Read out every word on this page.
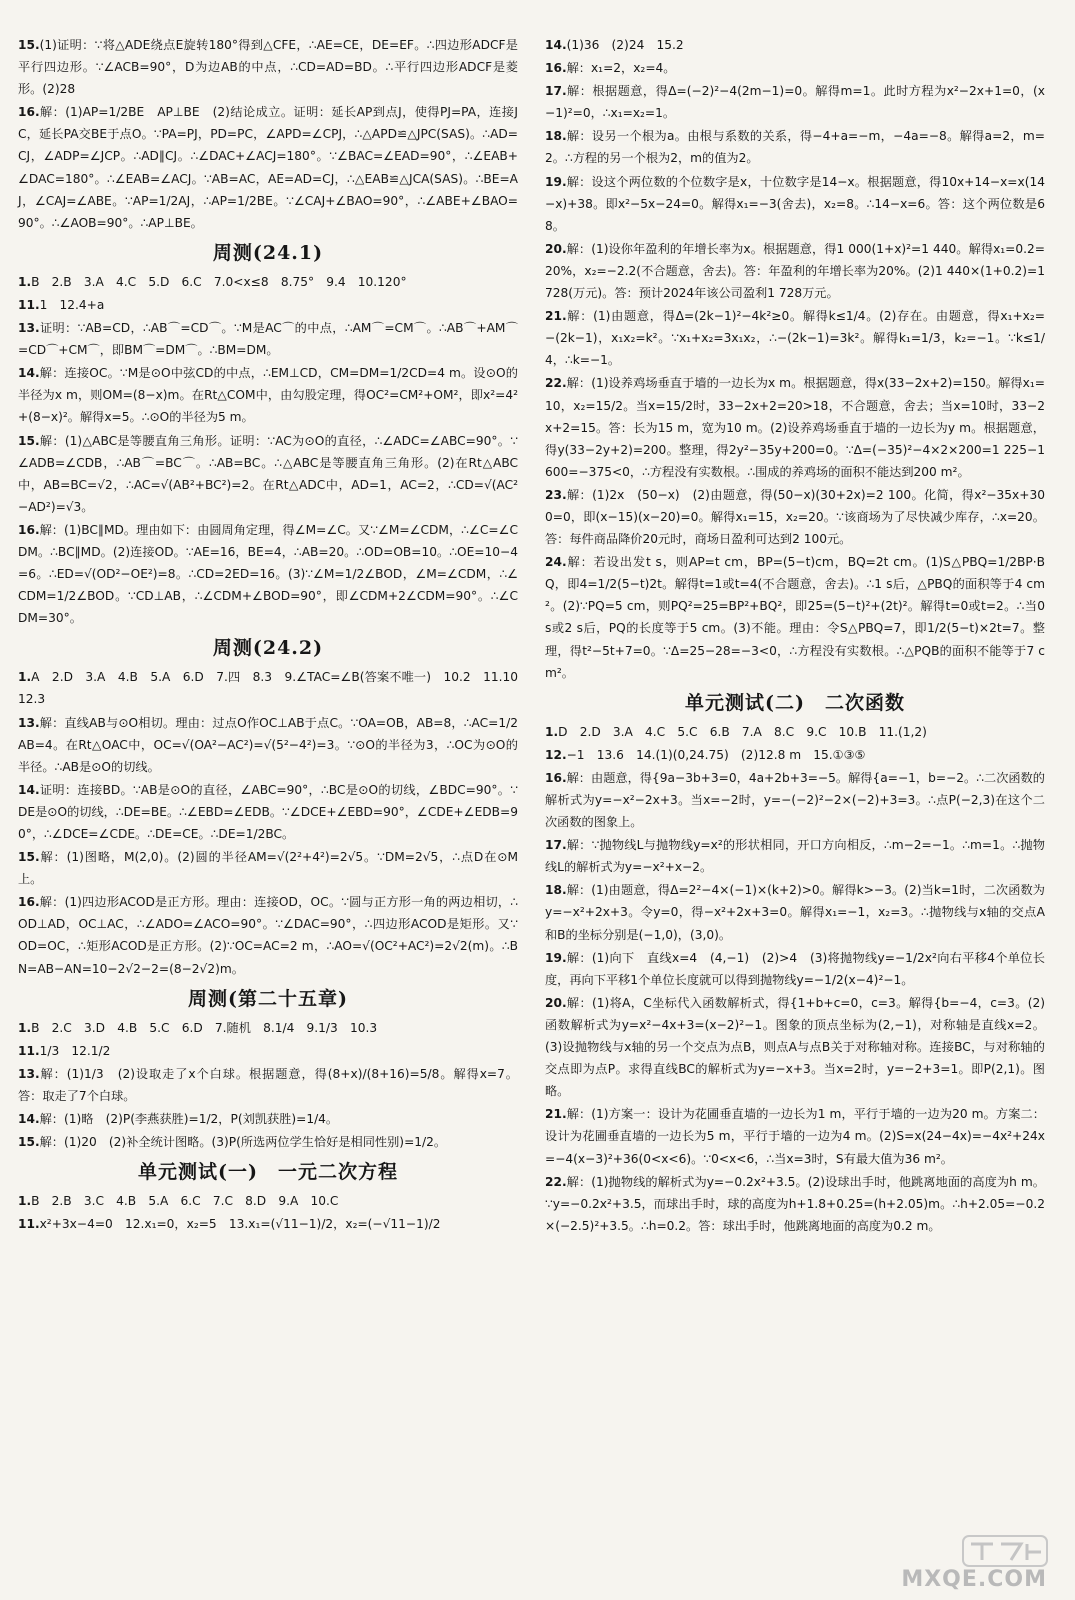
15.(1)证明：∵将△ADE绕点E旋转180°得到△CFE，∴AE=CE，DE=EF。∴四边形ADCF是平行四边形。∵∠ACB=90°，D为边AB的中点，∴CD=AD=BD。∴平行四边形ADCF是菱形。(2)28
16.解：(1)AP=1/2BE　AP⊥BE　(2)结论成立。证明：延长AP到点J，使得PJ=PA，连接JC，延长PA交BE于点O。∵PA=PJ，PD=PC，∠APD=∠CPJ，∴△APD≌△JPC(SAS)。∴AD=CJ，∠ADP=∠JCP。∴AD∥CJ。∴∠DAC+∠ACJ=180°。∵∠BAC=∠EAD=90°，∴∠EAB+∠DAC=180°。∴∠EAB=∠ACJ。∵AB=AC，AE=AD=CJ，∴△EAB≌△JCA(SAS)。∴BE=AJ，∠CAJ=∠ABE。∵AP=1/2AJ，∴AP=1/2BE。∵∠CAJ+∠BAO=90°，∴∠ABE+∠BAO=90°。∴∠AOB=90°。∴AP⊥BE。
周测(24.1)
1.B　2.B　3.A　4.C　5.D　6.C　7.0<x≤8　8.75°　9.4　10.120°
11.1　12.4+a
13.证明：∵AB=CD，∴AB⌒=CD⌒。∵M是AC⌒的中点，∴AM⌒=CM⌒。∴AB⌒+AM⌒=CD⌒+CM⌒，即BM⌒=DM⌒。∴BM=DM。
14.解：连接OC。∵M是⊙O中弦CD的中点，∴EM⊥CD，CM=DM=1/2CD=4 m。设⊙O的半径为x m，则OM=(8−x)m。在Rt△COM中，由勾股定理，得OC²=CM²+OM²，即x²=4²+(8−x)²。解得x=5。∴⊙O的半径为5 m。
15.解：(1)△ABC是等腰直角三角形。证明：∵AC为⊙O的直径，∴∠ADC=∠ABC=90°。∵∠ADB=∠CDB，∴AB⌒=BC⌒。∴AB=BC。∴△ABC是等腰直角三角形。(2)在Rt△ABC中，AB=BC=√2，∴AC=√(AB²+BC²)=2。在Rt△ADC中，AD=1，AC=2，∴CD=√(AC²−AD²)=√3。
16.解：(1)BC∥MD。理由如下：由圆周角定理，得∠M=∠C。又∵∠M=∠CDM，∴∠C=∠CDM。∴BC∥MD。(2)连接OD。∵AE=16，BE=4，∴AB=20。∴OD=OB=10。∴OE=10−4=6。∴ED=√(OD²−OE²)=8。∴CD=2ED=16。(3)∵∠M=1/2∠BOD，∠M=∠CDM，∴∠CDM=1/2∠BOD。∵CD⊥AB，∴∠CDM+∠BOD=90°，即∠CDM+2∠CDM=90°。∴∠CDM=30°。
周测(24.2)
1.A　2.D　3.A　4.B　5.A　6.D　7.四　8.3　9.∠TAC=∠B(答案不唯一)　10.2　11.10　12.3
13.解：直线AB与⊙O相切。理由：过点O作OC⊥AB于点C。∵OA=OB，AB=8，∴AC=1/2AB=4。在Rt△OAC中，OC=√(OA²−AC²)=√(5²−4²)=3。∵⊙O的半径为3，∴OC为⊙O的半径。∴AB是⊙O的切线。
14.证明：连接BD。∵AB是⊙O的直径，∠ABC=90°，∴BC是⊙O的切线，∠BDC=90°。∵DE是⊙O的切线，∴DE=BE。∴∠EBD=∠EDB。∵∠DCE+∠EBD=90°，∠CDE+∠EDB=90°，∴∠DCE=∠CDE。∴DE=CE。∴DE=1/2BC。
15.解：(1)图略，M(2,0)。(2)圆的半径AM=√(2²+4²)=2√5。∵DM=2√5，∴点D在⊙M上。
16.解：(1)四边形ACOD是正方形。理由：连接OD，OC。∵圆与正方形一角的两边相切，∴OD⊥AD，OC⊥AC，∴∠ADO=∠ACO=90°。∵∠DAC=90°，∴四边形ACOD是矩形。又∵OD=OC，∴矩形ACOD是正方形。(2)∵OC=AC=2 m，∴AO=√(OC²+AC²)=2√2(m)。∴BN=AB−AN=10−2√2−2=(8−2√2)m。
周测(第二十五章)
1.B　2.C　3.D　4.B　5.C　6.D　7.随机　8.1/4　9.1/3　10.3
11.1/3　12.1/2
13.解：(1)1/3　(2)设取走了x个白球。根据题意，得(8+x)/(8+16)=5/8。解得x=7。答：取走了7个白球。
14.解：(1)略　(2)P(李燕获胜)=1/2，P(刘凯获胜)=1/4。
15.解：(1)20　(2)补全统计图略。(3)P(所选两位学生恰好是相同性别)=1/2。
单元测试(一)　一元二次方程
1.B　2.B　3.C　4.B　5.A　6.C　7.C　8.D　9.A　10.C
11.x²+3x−4=0　12.x₁=0，x₂=5　13.x₁=(√11−1)/2，x₂=(−√11−1)/2
14.(1)36　(2)24　15.2
16.解：x₁=2，x₂=4。
17.解：根据题意，得Δ=(−2)²−4(2m−1)=0。解得m=1。此时方程为x²−2x+1=0，(x−1)²=0，∴x₁=x₂=1。
18.解：设另一个根为a。由根与系数的关系，得−4+a=−m，−4a=−8。解得a=2，m=2。∴方程的另一个根为2，m的值为2。
19.解：设这个两位数的个位数字是x，十位数字是14−x。根据题意，得10x+14−x=x(14−x)+38。即x²−5x−24=0。解得x₁=−3(舍去)，x₂=8。∴14−x=6。答：这个两位数是68。
20.解：(1)设你年盈利的年增长率为x。根据题意，得1 000(1+x)²=1 440。解得x₁=0.2=20%，x₂=−2.2(不合题意，舍去)。答：年盈利的年增长率为20%。(2)1 440×(1+0.2)=1 728(万元)。答：预计2024年该公司盈利1 728万元。
21.解：(1)由题意，得Δ=(2k−1)²−4k²≥0。解得k≤1/4。(2)存在。由题意，得x₁+x₂=−(2k−1)，x₁x₂=k²。∵x₁+x₂=3x₁x₂，∴−(2k−1)=3k²。解得k₁=1/3，k₂=−1。∵k≤1/4，∴k=−1。
22.解：(1)设养鸡场垂直于墙的一边长为x m。根据题意，得x(33−2x+2)=150。解得x₁=10，x₂=15/2。当x=15/2时，33−2x+2=20>18，不合题意，舍去；当x=10时，33−2x+2=15。答：长为15 m，宽为10 m。(2)设养鸡场垂直于墙的一边长为y m。根据题意，得y(33−2y+2)=200。整理，得2y²−35y+200=0。∵Δ=(−35)²−4×2×200=1 225−1 600=−375<0，∴方程没有实数根。∴围成的养鸡场的面积不能达到200 m²。
23.解：(1)2x　(50−x)　(2)由题意，得(50−x)(30+2x)=2 100。化简，得x²−35x+300=0，即(x−15)(x−20)=0。解得x₁=15，x₂=20。∵该商场为了尽快减少库存，∴x=20。答：每件商品降价20元时，商场日盈利可达到2 100元。
24.解：若设出发t s，则AP=t cm，BP=(5−t)cm，BQ=2t cm。(1)S△PBQ=1/2BP·BQ，即4=1/2(5−t)2t。解得t=1或t=4(不合题意，舍去)。∴1 s后，△PBQ的面积等于4 cm²。(2)∵PQ=5 cm，则PQ²=25=BP²+BQ²，即25=(5−t)²+(2t)²。解得t=0或t=2。∴当0 s或2 s后，PQ的长度等于5 cm。(3)不能。理由：令S△PBQ=7，即1/2(5−t)×2t=7。整理，得t²−5t+7=0。∵Δ=25−28=−3<0，∴方程没有实数根。∴△PQB的面积不能等于7 cm²。
单元测试(二)　二次函数
1.D　2.D　3.A　4.C　5.C　6.B　7.A　8.C　9.C　10.B　11.(1,2)
12.−1　13.6　14.(1)(0,24.75)　(2)12.8 m　15.①③⑤
16.解：由题意，得{9a−3b+3=0，4a+2b+3=−5。解得{a=−1，b=−2。∴二次函数的解析式为y=−x²−2x+3。当x=−2时，y=−(−2)²−2×(−2)+3=3。∴点P(−2,3)在这个二次函数的图象上。
17.解：∵抛物线L与抛物线y=x²的形状相同，开口方向相反，∴m−2=−1。∴m=1。∴抛物线L的解析式为y=−x²+x−2。
18.解：(1)由题意，得Δ=2²−4×(−1)×(k+2)>0。解得k>−3。(2)当k=1时，二次函数为y=−x²+2x+3。令y=0，得−x²+2x+3=0。解得x₁=−1，x₂=3。∴抛物线与x轴的交点A和B的坐标分别是(−1,0)，(3,0)。
19.解：(1)向下　直线x=4　(4,−1)　(2)>4　(3)将抛物线y=−1/2x²向右平移4个单位长度，再向下平移1个单位长度就可以得到抛物线y=−1/2(x−4)²−1。
20.解：(1)将A，C坐标代入函数解析式，得{1+b+c=0，c=3。解得{b=−4，c=3。(2)函数解析式为y=x²−4x+3=(x−2)²−1。图象的顶点坐标为(2,−1)，对称轴是直线x=2。(3)设抛物线与x轴的另一个交点为点B，则点A与点B关于对称轴对称。连接BC，与对称轴的交点即为点P。求得直线BC的解析式为y=−x+3。当x=2时，y=−2+3=1。即P(2,1)。图略。
21.解：(1)方案一：设计为花圃垂直墙的一边长为1 m，平行于墙的一边为20 m。方案二：设计为花圃垂直墙的一边长为5 m，平行于墙的一边为4 m。(2)S=x(24−4x)=−4x²+24x=−4(x−3)²+36(0<x<6)。∵0<x<6，∴当x=3时，S有最大值为36 m²。
22.解：(1)抛物线的解析式为y=−0.2x²+3.5。(2)设球出手时，他跳离地面的高度为h m。∵y=−0.2x²+3.5，而球出手时，球的高度为h+1.8+0.25=(h+2.05)m。∴h+2.05=−0.2×(−2.5)²+3.5。∴h=0.2。答：球出手时，他跳离地面的高度为0.2 m。
MXQE.COM
